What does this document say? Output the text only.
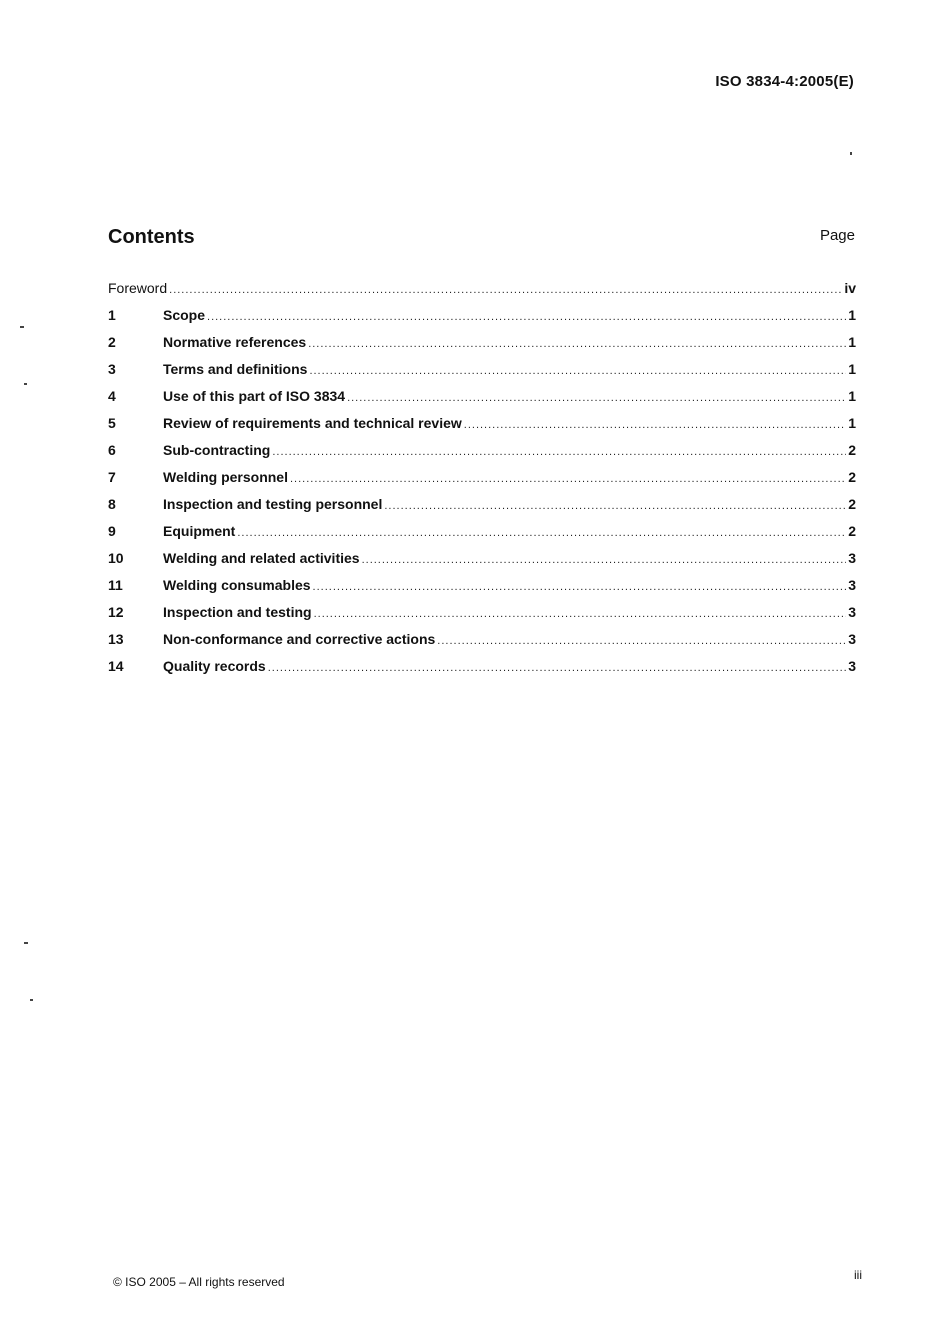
ISO 3834-4:2005(E)
Contents	Page
Foreword .....	iv
1	Scope .....	1
2	Normative references .....	1
3	Terms and definitions .....	1
4	Use of this part of ISO 3834 .....	1
5	Review of requirements and technical review .....	1
6	Sub-contracting .....	2
7	Welding personnel .....	2
8	Inspection and testing personnel .....	2
9	Equipment .....	2
10	Welding and related activities .....	3
11	Welding consumables .....	3
12	Inspection and testing .....	3
13	Non-conformance and corrective actions .....	3
14	Quality records .....	3
© ISO 2005 – All rights reserved	iii
